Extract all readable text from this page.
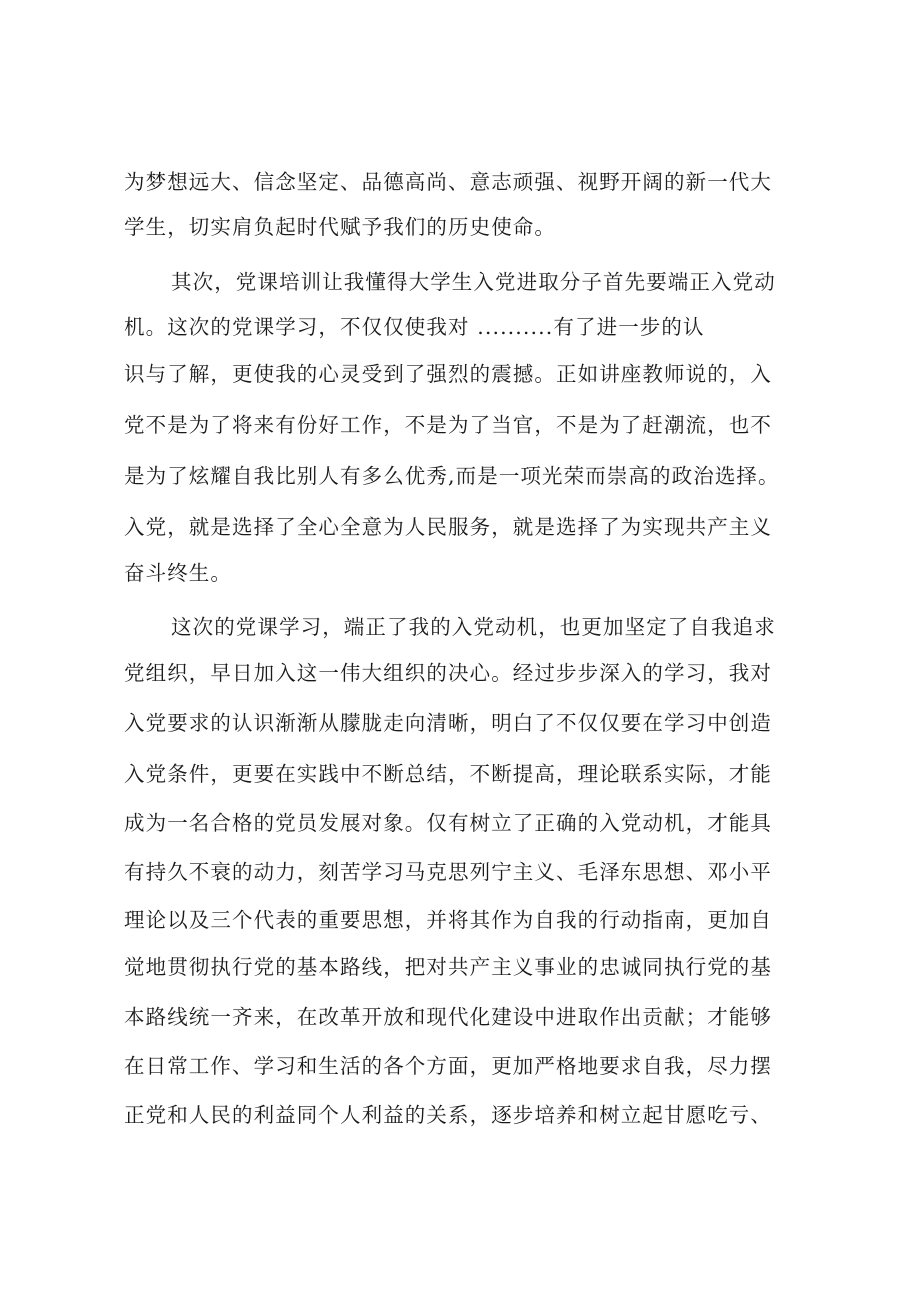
为梦想远大、信念坚定、品德高尚、意志顽强、视野开阔的新一代大
学生，切实肩负起时代赋予我们的历史使命。
其次，党课培训让我懂得大学生入党进取分子首先要端正入党动
机。这次的党课学习，不仅仅使我对 ..........有了进一步的认
识与了解，更使我的心灵受到了强烈的震撼。正如讲座教师说的，入
党不是为了将来有份好工作，不是为了当官，不是为了赶潮流，也不
是为了炫耀自我比别人有多么优秀,而是一项光荣而崇高的政治选择。
入党，就是选择了全心全意为人民服务，就是选择了为实现共产主义
奋斗终生。
这次的党课学习，端正了我的入党动机，也更加坚定了自我追求
党组织，早日加入这一伟大组织的决心。经过步步深入的学习，我对
入党要求的认识渐渐从朦胧走向清晰，明白了不仅仅要在学习中创造
入党条件，更要在实践中不断总结，不断提高，理论联系实际，才能
成为一名合格的党员发展对象。仅有树立了正确的入党动机，才能具
有持久不衰的动力，刻苦学习马克思列宁主义、毛泽东思想、邓小平
理论以及三个代表的重要思想，并将其作为自我的行动指南，更加自
觉地贯彻执行党的基本路线，把对共产主义事业的忠诚同执行党的基
本路线统一齐来，在改革开放和现代化建设中进取作出贡献；才能够
在日常工作、学习和生活的各个方面，更加严格地要求自我，尽力摆
正党和人民的利益同个人利益的关系，逐步培养和树立起甘愿吃亏、
